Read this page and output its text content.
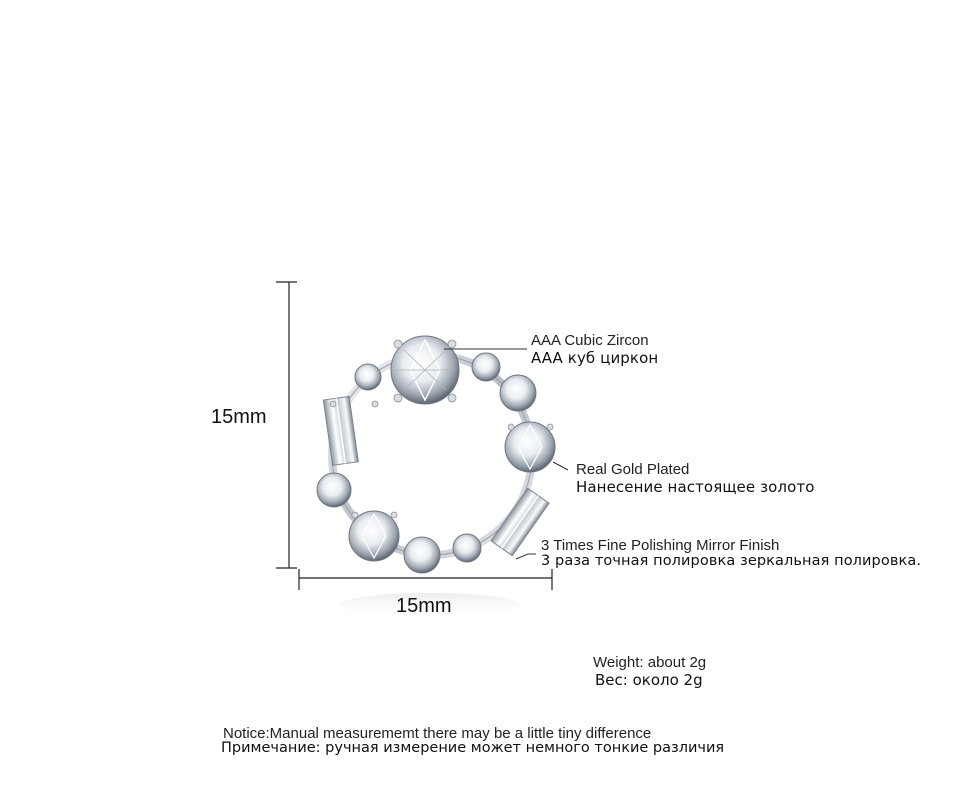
15mm
15mm
AAA Cubic Zircon
AAA куб циркон
Real Gold Plated
Нанесение настоящее золото
3 Times Fine Polishing Mirror Finish
3 раза точная полировка зеркальная полировка.
Weight: about 2g
Вес: около 2g
Notice:Manual measurememt there may be a little tiny difference
Примечание: ручная измерение может немного тонкие различия
